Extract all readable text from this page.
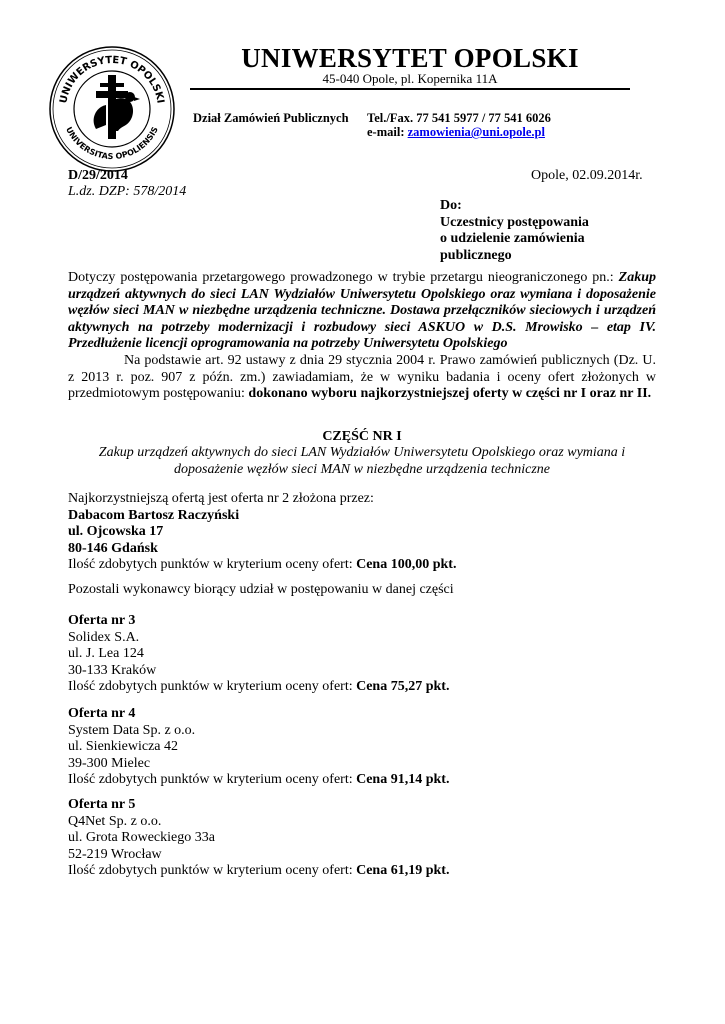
UNIWERSYTET OPOLSKI
UNIVERSITAS OPOLIENSIS
UNIWERSYTET OPOLSKI
45-040 Opole, pl. Kopernika 11A
Dział Zamówień Publicznych Tel./Fax. 77 541 5977 / 77 541 6026
e-mail: zamowienia@uni.opole.pl
D/29/2014
L.dz. DZP: 578/2014
Opole, 02.09.2014r.
Do:
Uczestnicy postępowania
o udzielenie zamówienia
publicznego
Dotyczy postępowania przetargowego prowadzonego w trybie przetargu nieograniczonego pn.: Zakup urządzeń aktywnych do sieci LAN Wydziałów Uniwersytetu Opolskiego oraz wymiana i doposażenie węzłów sieci MAN w niezbędne urządzenia techniczne. Dostawa przełączników sieciowych i urządzeń aktywnych na potrzeby modernizacji i rozbudowy sieci ASKUO w D.S. Mrowisko – etap IV. Przedłużenie licencji oprogramowania na potrzeby Uniwersytetu Opolskiego
Na podstawie art. 92 ustawy z dnia 29 stycznia 2004 r. Prawo zamówień publicznych (Dz. U. z 2013 r. poz. 907 z późn. zm.) zawiadamiam, że w wyniku badania i oceny ofert złożonych w przedmiotowym postępowaniu: dokonano wyboru najkorzystniejszej oferty w części nr I oraz nr II.
CZĘŚĆ NR I
Zakup urządzeń aktywnych do sieci LAN Wydziałów Uniwersytetu Opolskiego oraz wymiana i doposażenie węzłów sieci MAN w niezbędne urządzenia techniczne
Najkorzystniejszą ofertą jest oferta nr 2 złożona przez:
Dabacom Bartosz Raczyński
ul. Ojcowska 17
80-146 Gdańsk
Ilość zdobytych punktów w kryterium oceny ofert: Cena 100,00 pkt.
Pozostali wykonawcy biorący udział w postępowaniu w danej części
Oferta nr 3
Solidex S.A.
ul. J. Lea 124
30-133 Kraków
Ilość zdobytych punktów w kryterium oceny ofert: Cena 75,27 pkt.
Oferta nr 4
System Data Sp. z o.o.
ul. Sienkiewicza 42
39-300 Mielec
Ilość zdobytych punktów w kryterium oceny ofert: Cena 91,14 pkt.
Oferta nr 5
Q4Net Sp. z o.o.
ul. Grota Roweckiego 33a
52-219 Wrocław
Ilość zdobytych punktów w kryterium oceny ofert: Cena 61,19 pkt.
